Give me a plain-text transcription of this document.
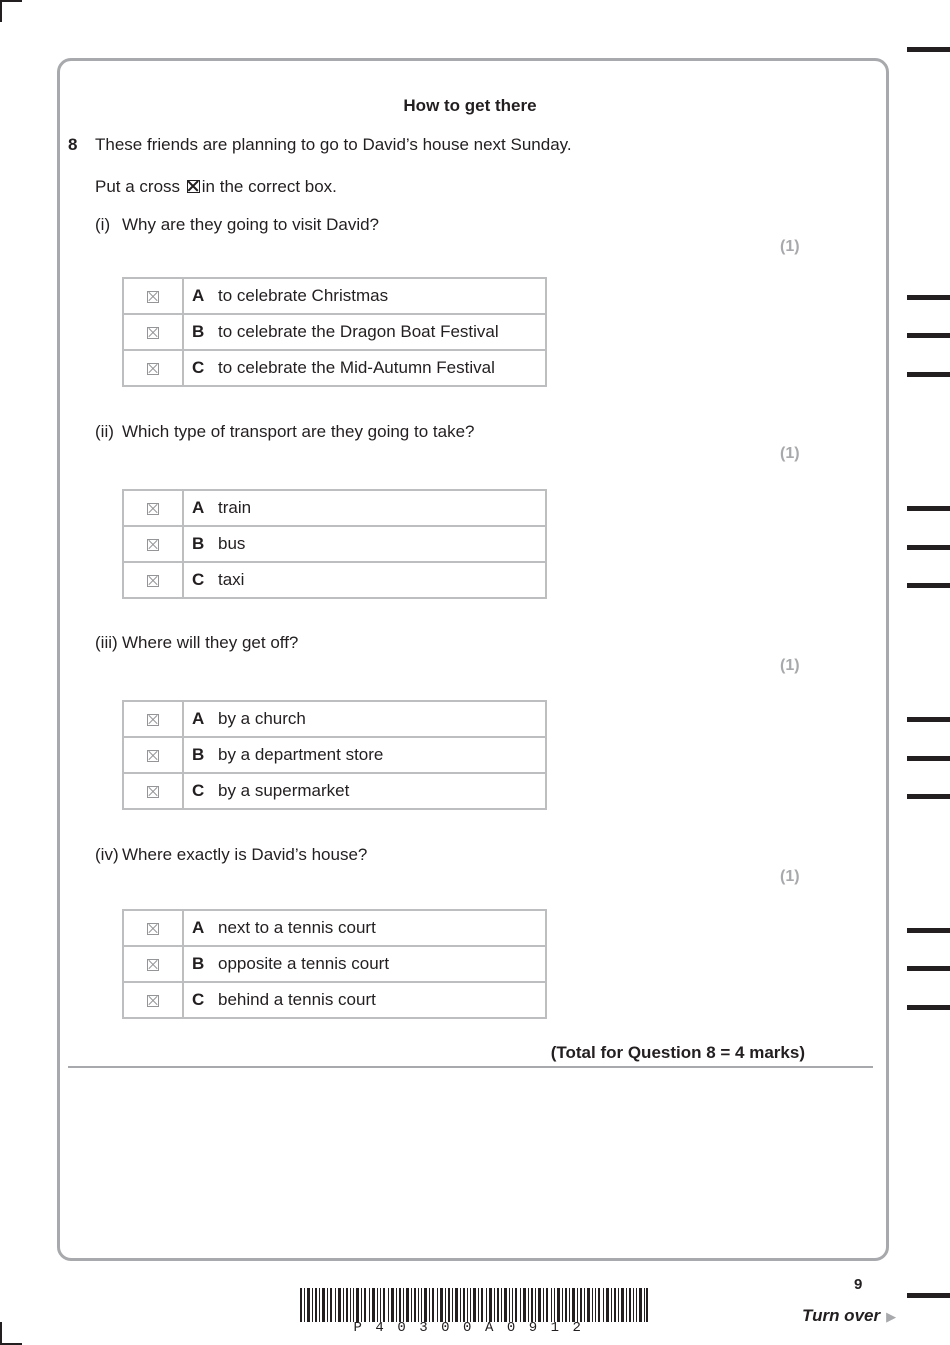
How to get there
8 These friends are planning to go to David’s house next Sunday.
Put a cross ☒ in the correct box.
(i) Why are they going to visit David?
(1)
	A	to celebrate Christmas
	B	to celebrate the Dragon Boat Festival
	C	to celebrate the Mid-Autumn Festival
(ii) Which type of transport are they going to take?
(1)
	A	train
	B	bus
	C	taxi
(iii) Where will they get off?
(1)
	A	by a church
	B	by a department store
	C	by a supermarket
(iv) Where exactly is David’s house?
(1)
	A	next to a tennis court
	B	opposite a tennis court
	C	behind a tennis court
(Total for Question 8 = 4 marks)
9
P40300A0912
Turn over ▶
